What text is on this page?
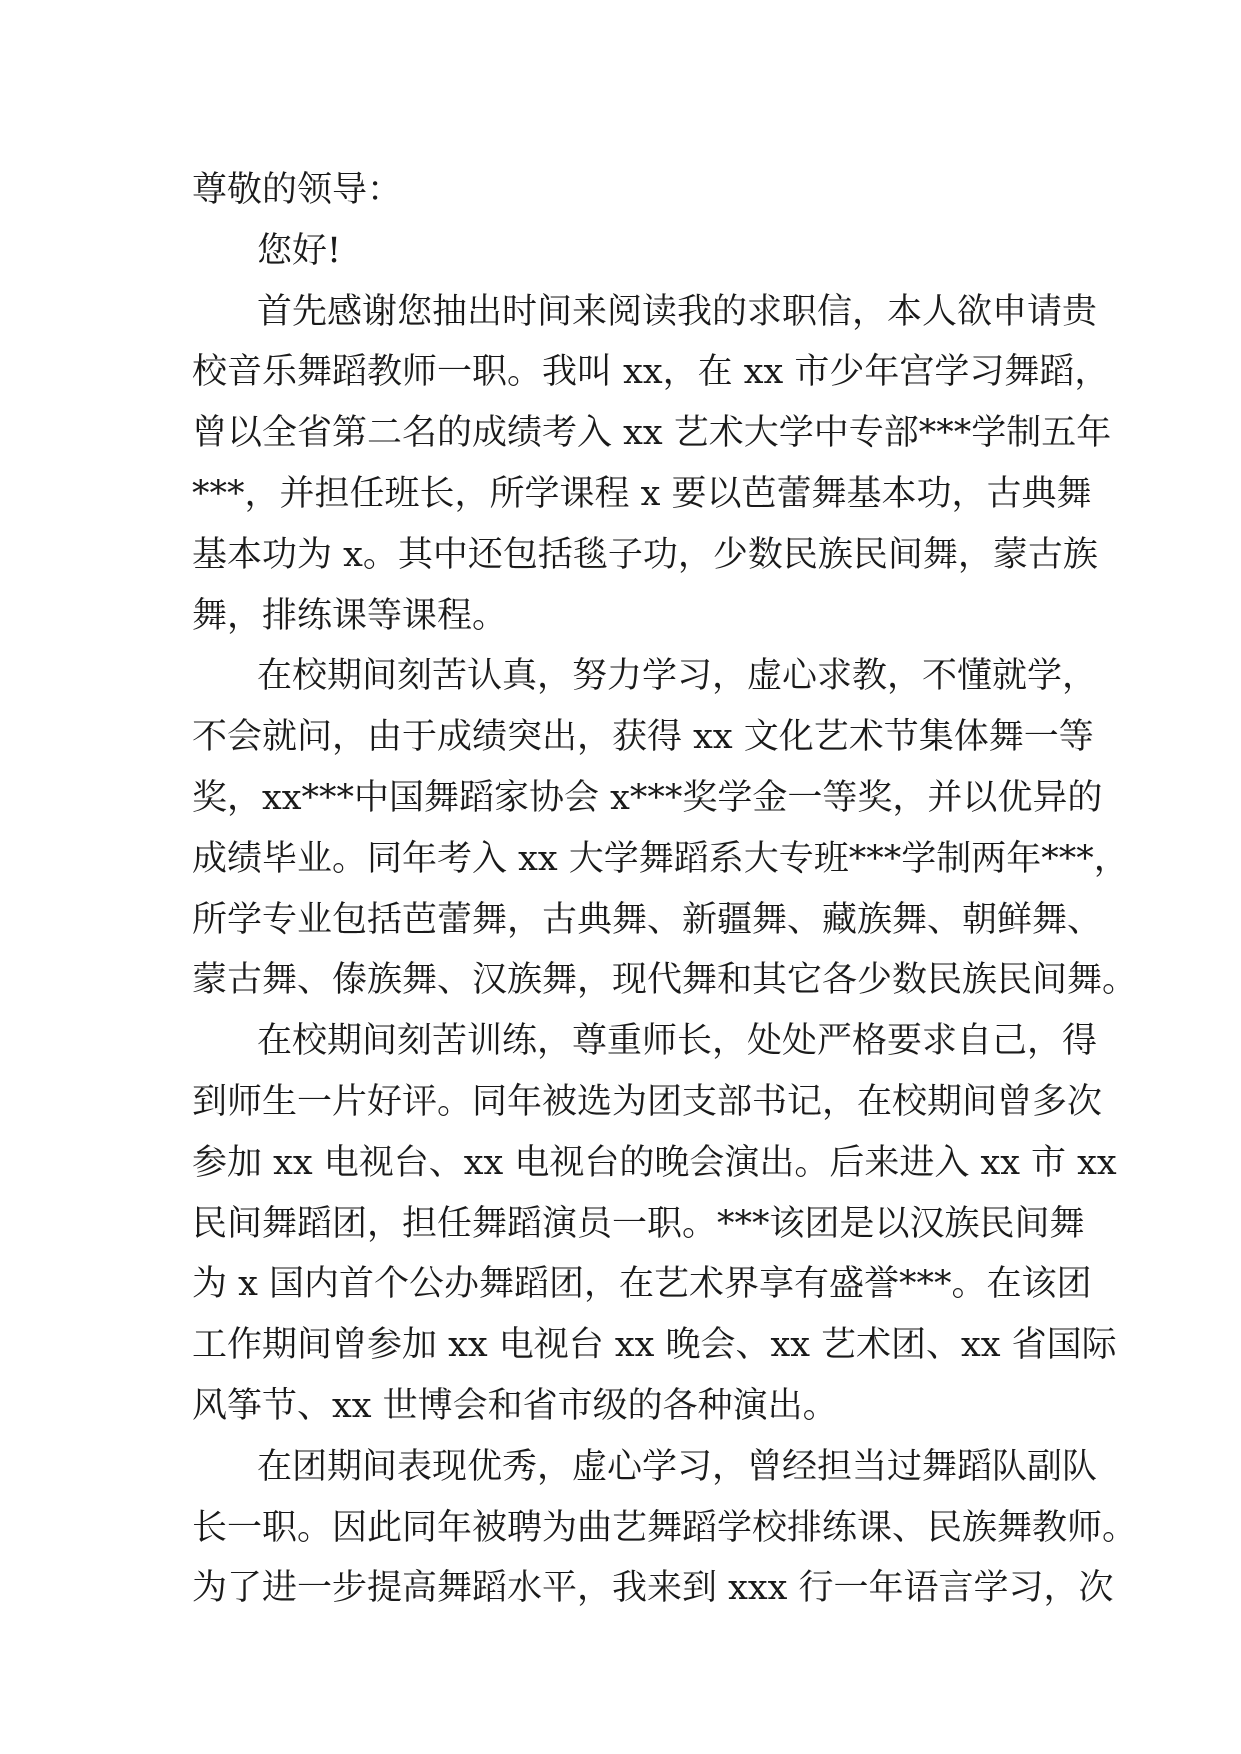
尊敬的领导：
您好!
首先感谢您抽出时间来阅读我的求职信，本人欲申请贵
校音乐舞蹈教师一职。我叫 xx，在 xx 市少年宫学习舞蹈，
曾以全省第二名的成绩考入 xx 艺术大学中专部***学制五年
***，并担任班长，所学课程 x 要以芭蕾舞基本功，古典舞
基本功为 x。其中还包括毯子功，少数民族民间舞，蒙古族
舞，排练课等课程。
在校期间刻苦认真，努力学习，虚心求教，不懂就学，
不会就问，由于成绩突出，获得 xx 文化艺术节集体舞一等
奖，xx***中国舞蹈家协会 x***奖学金一等奖，并以优异的
成绩毕业。同年考入 xx 大学舞蹈系大专班***学制两年***，
所学专业包括芭蕾舞，古典舞、新疆舞、藏族舞、朝鲜舞、
蒙古舞、傣族舞、汉族舞，现代舞和其它各少数民族民间舞。
在校期间刻苦训练，尊重师长，处处严格要求自己，得
到师生一片好评。同年被选为团支部书记，在校期间曾多次
参加 xx 电视台、xx 电视台的晚会演出。后来进入 xx 市 xx
民间舞蹈团，担任舞蹈演员一职。***该团是以汉族民间舞
为 x 国内首个公办舞蹈团，在艺术界享有盛誉***。在该团
工作期间曾参加 xx 电视台 xx 晚会、xx 艺术团、xx 省国际
风筝节、xx 世博会和省市级的各种演出。
在团期间表现优秀，虚心学习，曾经担当过舞蹈队副队
长一职。因此同年被聘为曲艺舞蹈学校排练课、民族舞教师。
为了进一步提高舞蹈水平，我来到 xxx 行一年语言学习，次
